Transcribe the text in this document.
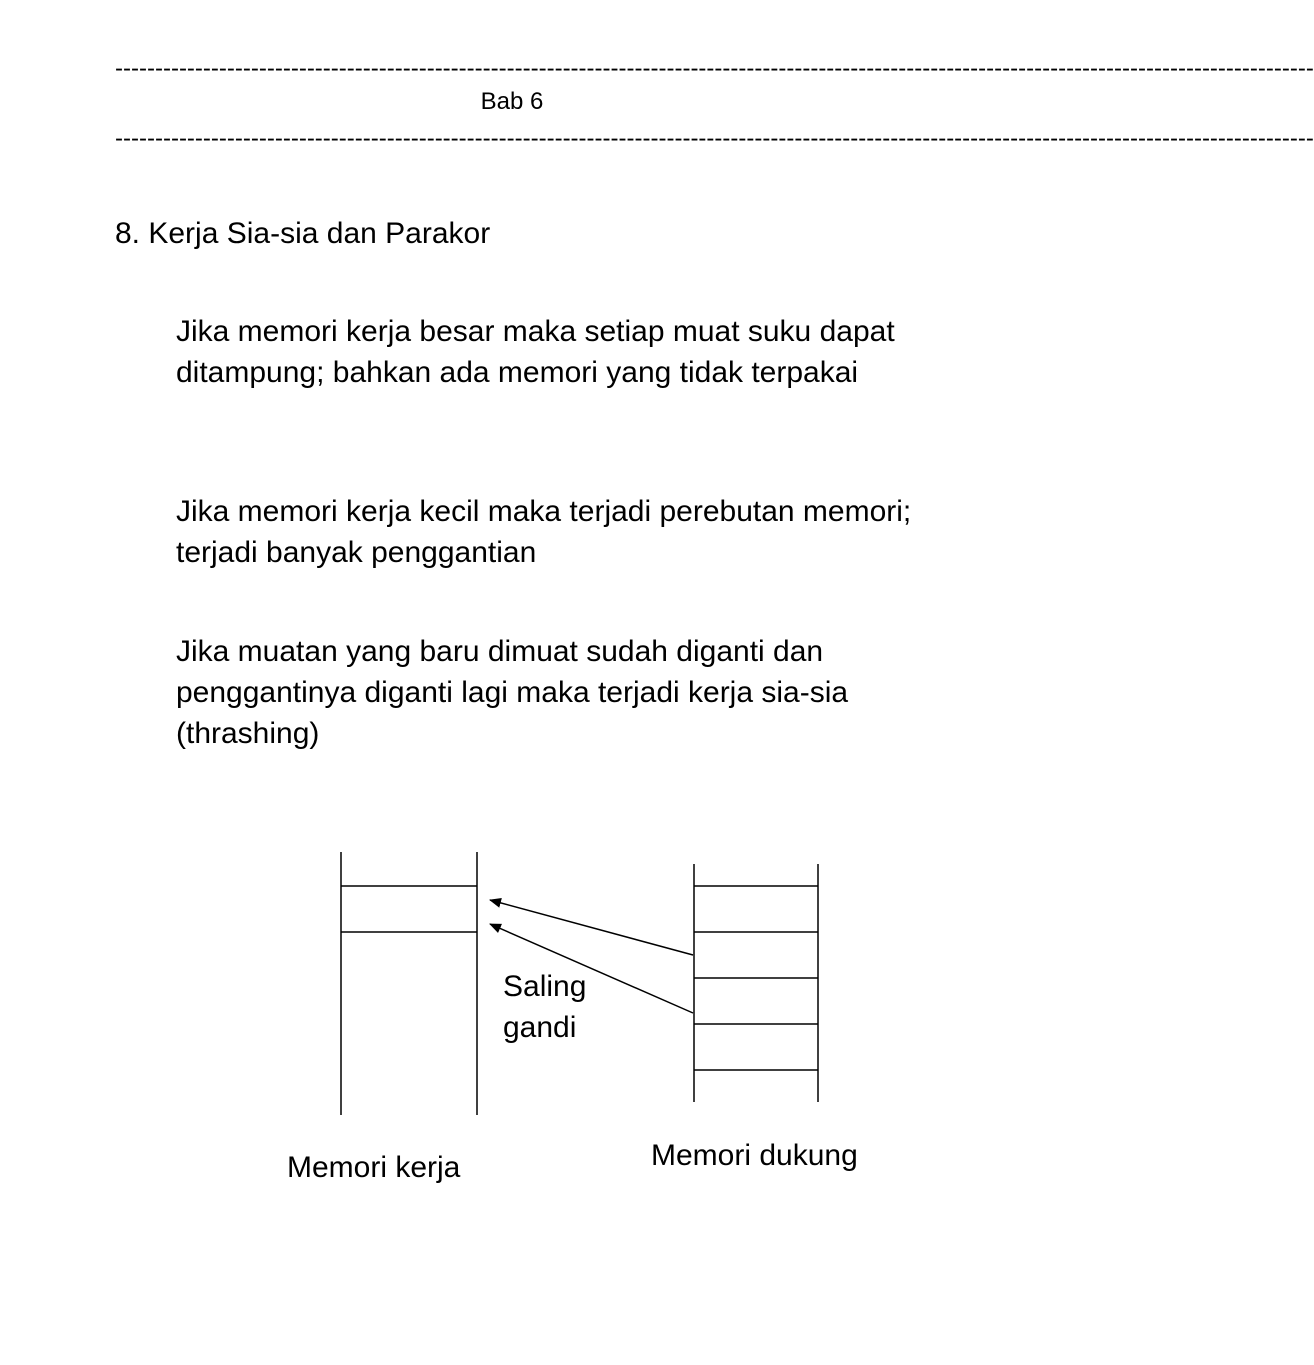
------------------------------------------------------------------------------------------------------------------------------------------------------
Bab 6
------------------------------------------------------------------------------------------------------------------------------------------------------
8. Kerja Sia-sia dan Parakor
Jika memori kerja besar maka setiap muat suku dapat ditampung; bahkan ada memori yang tidak terpakai
Jika memori kerja kecil maka terjadi perebutan memori; terjadi banyak penggantian
Jika muatan yang baru dimuat sudah diganti dan penggantinya diganti lagi maka terjadi kerja sia-sia (thrashing)
Saling
gandi
Memori kerja	Memori dukung
